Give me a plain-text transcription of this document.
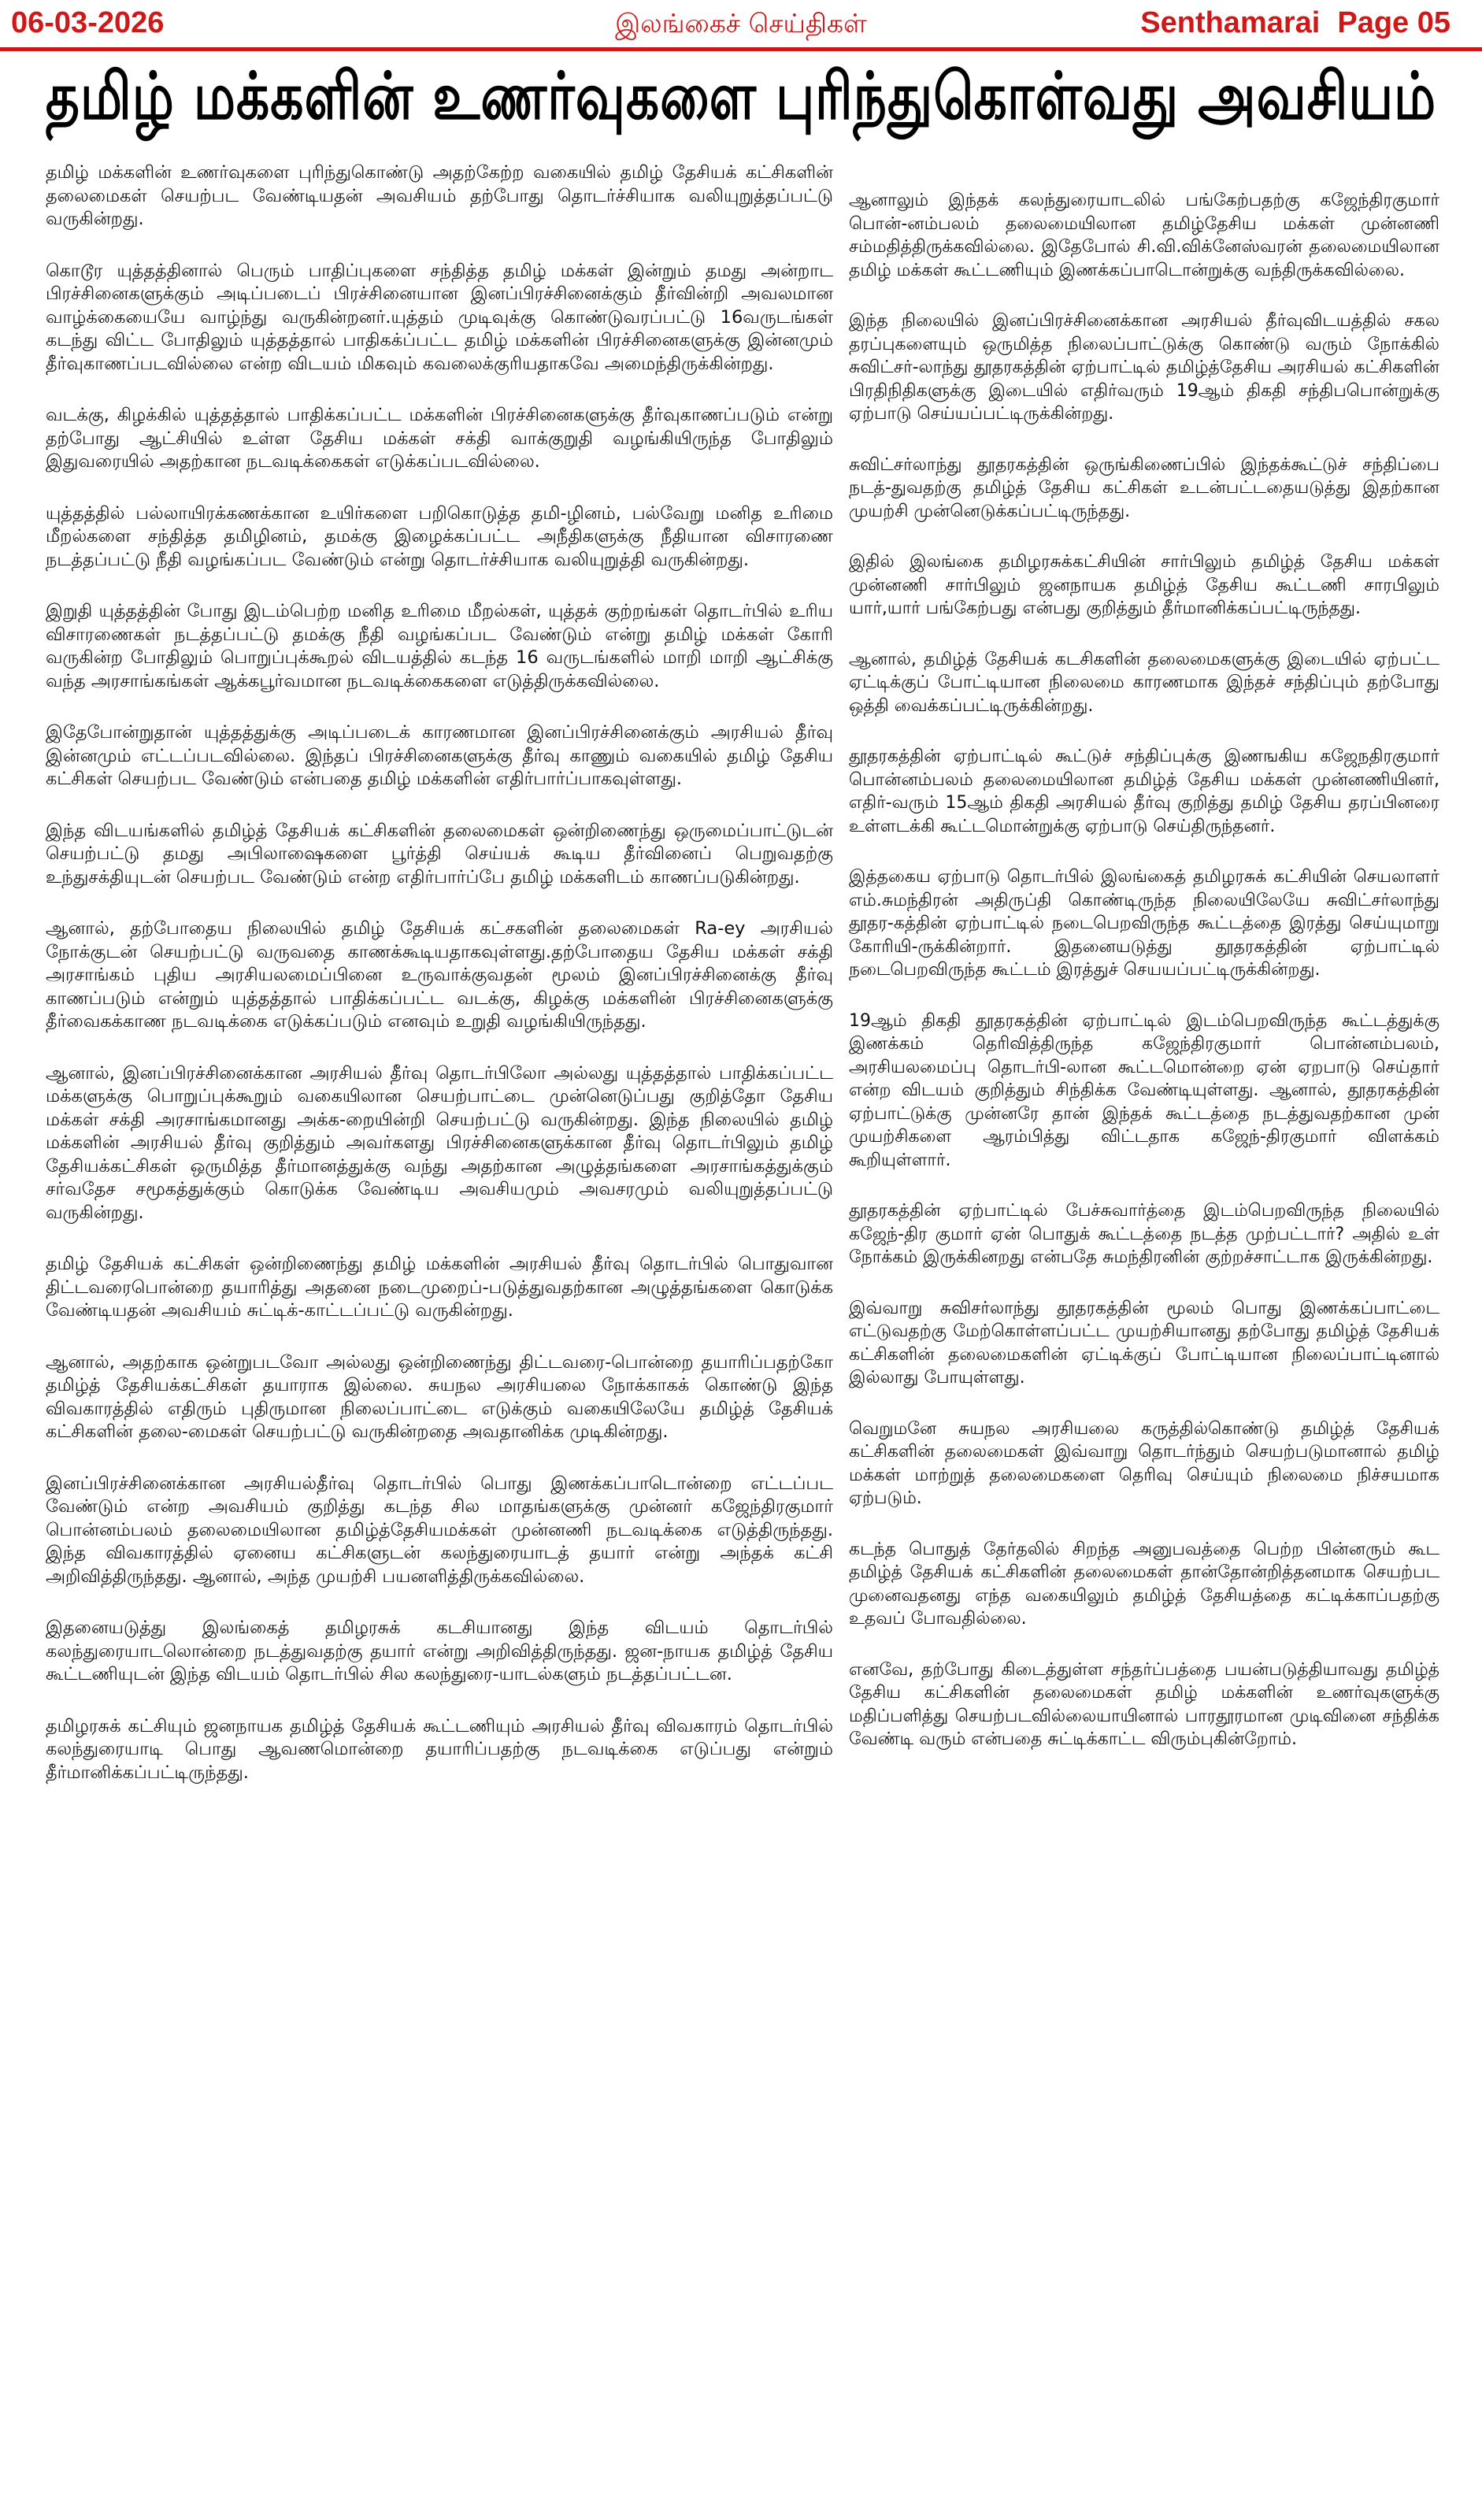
06-03-2026	இலங்கைச் செய்திகள்	Senthamarai Page 05
தமிழ் மக்களின் உணர்வுகளை புரிந்துகொள்வது அவசியம்

தமிழ் மக்களின் உணர்வுகளை புரிந்துகொண்டு அதற்கேற்ற வகையில் தமிழ் தேசியக் கட்சிகளின் தலைமைகள் செயற்பட வேண்டியதன் அவசியம் தற்போது தொடர்ச்சியாக வலியுறுத்தப்பட்டு வருகின்றது.

கொடூர யுத்தத்தினால் பெரும் பாதிப்புகளை சந்தித்த தமிழ் மக்கள் இன்றும் தமது அன்றாட பிரச்சினைகளுக்கும் அடிப்படைப் பிரச்சினையான இனப்பிரச்சினைக்கும் தீர்வின்றி அவலமான வாழ்க்கையையே வாழ்ந்து வருகின்றனர்.யுத்தம் முடிவுக்கு கொண்டுவரப்பட்டு 16வருடங்கள் கடந்து விட்ட போதிலும் யுத்தத்தால் பாதிகக்ப்பட்ட தமிழ் மக்களின் பிரச்சினைகளுக்கு இன்னமும் தீர்வுகாணப்படவில்லை என்ற விடயம் மிகவும் கவலைக்குரியதாகவே அமைந்திருக்கின்றது.

வடக்கு, கிழக்கில் யுத்தத்தால் பாதிக்கப்பட்ட மக்களின் பிரச்சினைகளுக்கு தீர்வுகாணப்படும் என்று தற்போது ஆட்சியில் உள்ள தேசிய மக்கள் சக்தி வாக்குறுதி வழங்கியிருந்த போதிலும் இதுவரையில் அதற்கான நடவடிக்கைகள் எடுக்கப்படவில்லை.

யுத்தத்தில் பல்லாயிரக்கணக்கான உயிர்களை பறிகொடுத்த தமி-ழினம், பல்வேறு மனித உரிமை மீறல்களை சந்தித்த தமிழினம், தமக்கு இழைக்கப்பட்ட அநீதிகளுக்கு நீதியான விசாரணை நடத்தப்பட்டு நீதி வழங்கப்பட வேண்டும் என்று தொடர்ச்சியாக வலியுறுத்தி வருகின்றது.

இறுதி யுத்தத்தின் போது இடம்பெற்ற மனித உரிமை மீறல்கள், யுத்தக் குற்றங்கள் தொடர்பில் உரிய விசாரணைகள் நடத்தப்பட்டு தமக்கு நீதி வழங்கப்பட வேண்டும் என்று தமிழ் மக்கள் கோரி வருகின்ற போதிலும் பொறுப்புக்கூறல் விடயத்தில் கடந்த 16 வருடங்களில் மாறி மாறி ஆட்சிக்கு வந்த அரசாங்கங்கள் ஆக்கபூர்வமான நடவடிக்கைகளை எடுத்திருக்கவில்லை.

இதேபோன்றுதான் யுத்தத்துக்கு அடிப்படைக் காரணமான இனப்பிரச்சினைக்கும் அரசியல் தீர்வு இன்னமும் எட்டப்படவில்லை. இந்தப் பிரச்சினைகளுக்கு தீர்வு காணும் வகையில் தமிழ் தேசிய கட்சிகள் செயற்பட வேண்டும் என்பதை தமிழ் மக்களின் எதிர்பார்ப்பாகவுள்ளது.

இந்த விடயங்களில் தமிழ்த் தேசியக் கட்சிகளின் தலைமைகள் ஒன்றிணைந்து ஒருமைப்பாட்டுடன் செயற்பட்டு தமது அபிலாஷைகளை பூர்த்தி செய்யக் கூடிய தீர்வினைப் பெறுவதற்கு உந்துசக்தியுடன் செயற்பட வேண்டும் என்ற எதிர்பார்ப்பே தமிழ் மக்களிடம் காணப்படுகின்றது.

ஆனால், தற்போதைய நிலையில் தமிழ் தேசியக் கட்சகளின் தலைமைகள் Ra-ey அரசியல் நோக்குடன் செயற்பட்டு வருவதை காணக்கூடியதாகவுள்ளது.தற்போதைய தேசிய மக்கள் சக்தி அரசாங்கம் புதிய அரசியலமைப்பினை உருவாக்குவதன் மூலம் இனப்பிரச்சினைக்கு தீர்வு காணப்படும் என்றும் யுத்தத்தால் பாதிக்கப்பட்ட வடக்கு, கிழக்கு மக்களின் பிரச்சினைகளுக்கு தீர்வைகக்காண நடவடிக்கை எடுக்கப்படும் எனவும் உறுதி வழங்கியிருந்தது.

ஆனால், இனப்பிரச்சினைக்கான அரசியல் தீர்வு தொடர்பிலோ அல்லது யுத்தத்தால் பாதிக்கப்பட்ட மக்களுக்கு பொறுப்புக்கூறும் வகையிலான செயற்பாட்டை முன்னெடுப்பது குறித்தோ தேசிய மக்கள் சக்தி அரசாங்கமானது அக்க-றையின்றி செயற்பட்டு வருகின்றது. இந்த நிலையில் தமிழ் மக்களின் அரசியல் தீர்வு குறித்தும் அவர்களது பிரச்சினைகளுக்கான தீர்வு தொடர்பிலும் தமிழ் தேசியக்கட்சிகள் ஒருமித்த தீர்மானத்துக்கு வந்து அதற்கான அழுத்தங்களை அரசாங்கத்துக்கும் சர்வதேச சமூகத்துக்கும் கொடுக்க வேண்டிய அவசியமும் அவசரமும் வலியுறுத்தப்பட்டு வருகின்றது.

தமிழ் தேசியக் கட்சிகள் ஒன்றிணைந்து தமிழ் மக்களின் அரசியல் தீர்வு தொடர்பில் பொதுவான திட்டவரைபொன்றை தயாரித்து அதனை நடைமுறைப்-படுத்துவதற்கான அழுத்தங்களை கொடுக்க வேண்டியதன் அவசியம் சுட்டிக்-காட்டப்பட்டு வருகின்றது.

ஆனால், அதற்காக ஒன்றுபடவோ அல்லது ஒன்றிணைந்து திட்டவரை-பொன்றை தயாரிப்பதற்கோ தமிழ்த் தேசியக்கட்சிகள் தயாராக இல்லை. சுயநல அரசியலை நோக்காகக் கொண்டு இந்த விவகாரத்தில் எதிரும் புதிருமான நிலைப்பாட்டை எடுக்கும் வகையிலேயே தமிழ்த் தேசியக் கட்சிகளின் தலை-மைகள் செயற்பட்டு வருகின்றதை அவதானிக்க முடிகின்றது.

இனப்பிரச்சினைக்கான அரசியல்தீர்வு தொடர்பில் பொது இணக்கப்பாடொன்றை எட்டப்பட வேண்டும் என்ற அவசியம் குறித்து கடந்த சில மாதங்களுக்கு முன்னர் கஜேந்திரகுமார் பொன்னம்பலம் தலைமையிலான தமிழ்த்தேசியமக்கள் முன்னணி நடவடிக்கை எடுத்திருந்தது. இந்த விவகாரத்தில் ஏனைய கட்சிகளுடன் கலந்துரையாடத் தயார் என்று அந்தக் கட்சி அறிவித்திருந்தது. ஆனால், அந்த முயற்சி பயனளித்திருக்கவில்லை.

இதனையடுத்து இலங்கைத் தமிழரசுக் கடசியானது இந்த விடயம் தொடர்பில் கலந்துரையாடலொன்றை நடத்துவதற்கு தயார் என்று அறிவித்திருந்தது. ஜன-நாயக தமிழ்த் தேசிய கூட்டணியுடன் இந்த விடயம் தொடர்பில் சில கலந்துரை-யாடல்களும் நடத்தப்பட்டன.

தமிழரசுக் கட்சியும் ஜனநாயக தமிழ்த் தேசியக் கூட்டணியும் அரசியல் தீர்வு விவகாரம் தொடர்பில் கலந்துரையாடி பொது ஆவணமொன்றை தயாரிப்பதற்கு நடவடிக்கை எடுப்பது என்றும் தீர்மானிக்கப்பட்டிருந்தது.

ஆனாலும் இந்தக் கலந்துரையாடலில் பங்கேற்பதற்கு கஜேந்திரகுமார் பொன்-னம்பலம் தலைமையிலான தமிழ்தேசிய மக்கள் முன்னணி சம்மதித்திருக்கவில்லை. இதேபோல் சி.வி.விக்னேஸ்வரன் தலைமையிலான தமிழ் மக்கள் கூட்டணியும் இணக்கப்பாடொன்றுக்கு வந்திருக்கவில்லை.

இந்த நிலையில் இனப்பிரச்சினைக்கான அரசியல் தீர்வுவிடயத்தில் சகல தரப்புகளையும் ஒருமித்த நிலைப்பாட்டுக்கு கொண்டு வரும் நோக்கில் சுவிட்சர்-லாந்து தூதரகத்தின் ஏற்பாட்டில் தமிழ்த்தேசிய அரசியல் கட்சிகளின் பிரதிநிதிகளுக்கு இடையில் எதிர்வரும் 19ஆம் திகதி சந்திபபொன்றுக்கு ஏற்பாடு செய்யப்பட்டிருக்கின்றது.

சுவிட்சர்லாந்து தூதரகத்தின் ஒருங்கிணைப்பில் இந்தக்கூட்டுச் சந்திப்பை நடத்-துவதற்கு தமிழ்த் தேசிய கட்சிகள் உடன்பட்டதையடுத்து இதற்கான முயற்சி முன்னெடுக்கப்பட்டிருந்தது.

இதில் இலங்கை தமிழரசுக்கட்சியின் சார்பிலும் தமிழ்த் தேசிய மக்கள் முன்னணி சார்பிலும் ஜனநாயக தமிழ்த் தேசிய கூட்டணி சாரபிலும் யார்,யார் பங்கேற்பது என்பது குறித்தும் தீர்மானிக்கப்பட்டிருந்தது.

ஆனால், தமிழ்த் தேசியக் கடசிகளின் தலைமைகளுக்கு இடையில் ஏற்பட்ட ஏட்டிக்குப் போட்டியான நிலைமை காரணமாக இந்தச் சந்திப்பும் தற்போது ஒத்தி வைக்கப்பட்டிருக்கின்றது.

தூதரகத்தின் ஏற்பாட்டில் கூட்டுச் சந்திப்புக்கு இணஙகிய கஜேநதிரகுமார் பொன்னம்பலம் தலைமையிலான தமிழ்த் தேசிய மக்கள் முன்னணியினர், எதிர்-வரும் 15ஆம் திகதி அரசியல் தீர்வு குறித்து தமிழ் தேசிய தரப்பினரை உள்ளடக்கி கூட்டமொன்றுக்கு ஏற்பாடு செய்திருந்தனர்.

இத்தகைய ஏற்பாடு தொடர்பில் இலங்கைத் தமிழரசுக் கட்சியின் செயலாளர் எம்.சுமந்திரன் அதிருப்தி கொண்டிருந்த நிலையிலேயே சுவிட்சர்லாந்து தூதர-கத்தின் ஏற்பாட்டில் நடைபெறவிருந்த கூட்டத்தை இரத்து செய்யுமாறு கோரியி-ருக்கின்றார். இதனையடுத்து தூதரகத்தின் ஏற்பாட்டில் நடைபெறவிருந்த கூட்டம் இரத்துச் செயயப்பட்டிருக்கின்றது.

19ஆம் திகதி தூதரகத்தின் ஏற்பாட்டில் இடம்பெறவிருந்த கூட்டத்துக்கு இணக்கம் தெரிவித்திருந்த கஜேந்திரகுமார் பொன்னம்பலம், அரசியலமைப்பு தொடர்பி-லான கூட்டமொன்றை ஏன் ஏறபாடு செய்தார் என்ற விடயம் குறித்தும் சிந்திக்க வேண்டியுள்ளது. ஆனால், தூதரகத்தின் ஏற்பாட்டுக்கு முன்னரே தான் இந்தக் கூட்டத்தை நடத்துவதற்கான முன் முயற்சிகளை ஆரம்பித்து விட்டதாக கஜேந்-திரகுமார் விளக்கம் கூறியுள்ளார்.

தூதரகத்தின் ஏற்பாட்டில் பேச்சுவார்த்தை இடம்பெறவிருந்த நிலையில் கஜேந்-திர குமார் ஏன் பொதுக் கூட்டத்தை நடத்த முற்பட்டார்? அதில் உள் நோக்கம் இருக்கினறது என்பதே சுமந்திரனின் குற்றச்சாட்டாக இருக்கின்றது.

இவ்வாறு சுவிசர்லாந்து தூதரகத்தின் மூலம் பொது இணக்கப்பாட்டை எட்டுவதற்கு மேற்கொள்ளப்பட்ட முயற்சியானது தற்போது தமிழ்த் தேசியக் கட்சிகளின் தலைமைகளின் ஏட்டிக்குப் போட்டியான நிலைப்பாட்டினால் இல்லாது போயுள்ளது.

வெறுமனே சுயநல அரசியலை கருத்தில்கொண்டு தமிழ்த் தேசியக் கட்சிகளின் தலைமைகள் இவ்வாறு தொடர்ந்தும் செயற்படுமானால் தமிழ் மக்கள் மாற்றுத் தலைமைகளை தெரிவு செய்யும் நிலைமை நிச்சயமாக ஏற்படும்.

கடந்த பொதுத் தேர்தலில் சிறந்த அனுபவத்தை பெற்ற பின்னரும் கூட தமிழ்த் தேசியக் கட்சிகளின் தலைமைகள் தான்தோன்றித்தனமாக செயற்பட முனைவதனது எந்த வகையிலும் தமிழ்த் தேசியத்தை கட்டிக்காப்பதற்கு உதவப் போவதில்லை.

எனவே, தற்போது கிடைத்துள்ள சந்தர்ப்பத்தை பயன்படுத்தியாவது தமிழ்த் தேசிய கட்சிகளின் தலைமைகள் தமிழ் மக்களின் உணர்வுகளுக்கு மதிப்பளித்து செயற்படவில்லையாயினால் பாரதூரமான முடிவினை சந்திக்க வேண்டி வரும் என்பதை சுட்டிக்காட்ட விரும்புகின்றோம்.
